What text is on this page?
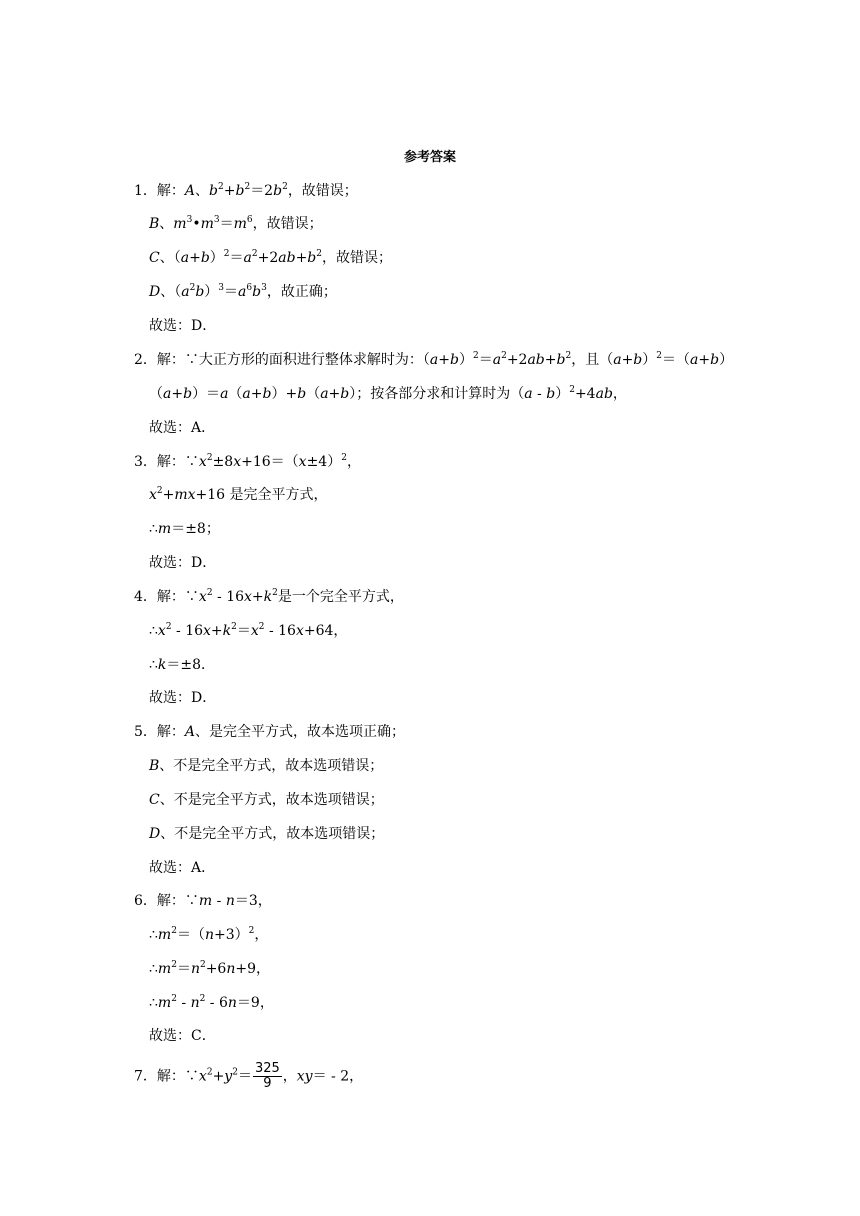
参考答案
1．解：A、$b^2+b^2=2b^2$，故错误；
B、$m^3•m^3=m^6$，故错误；
C、$(a+b)^2=a^2+2ab+b^2$，故错误；
D、$(a^2b)^3=a^6b^3$，故正确；
故选：D．
2．解：∵大正方形的面积进行整体求解时为：$(a+b)^2=a^2+2ab+b^2$，且$(a+b)^2=(a+b)$
（a+b）＝a（a+b）+b（a+b）；按各部分求和计算时为（a - b）$^2$+4ab，
故选：A．
3．解：$\because x^2\pm 8x+16=(x\pm 4)^2$，
$x^2+mx+16$ 是完全平方式，
∴m＝±8；
故选：D．
4．解：$\because x^2 - 16x+k^2$是一个完全平方式，
$\therefore x^2 - 16x+k^2=x^2 - 16x+64$，
∴k＝±8．
故选：D．
5．解：A、是完全平方式，故本选项正确；
B、不是完全平方式，故本选项错误；
C、不是完全平方式，故本选项错误；
D、不是完全平方式，故本选项错误；
故选：A．
6．解：∵m - n＝3，
$\therefore m^2=(n+3)^2$，
$\therefore m^2=n^2+6n+9$，
$\therefore m^2 - n^2 - 6n=9$，
故选：C．
7．解：$\because x^2+y^2= \frac{325}{9}$ ，xy＝ - 2，
